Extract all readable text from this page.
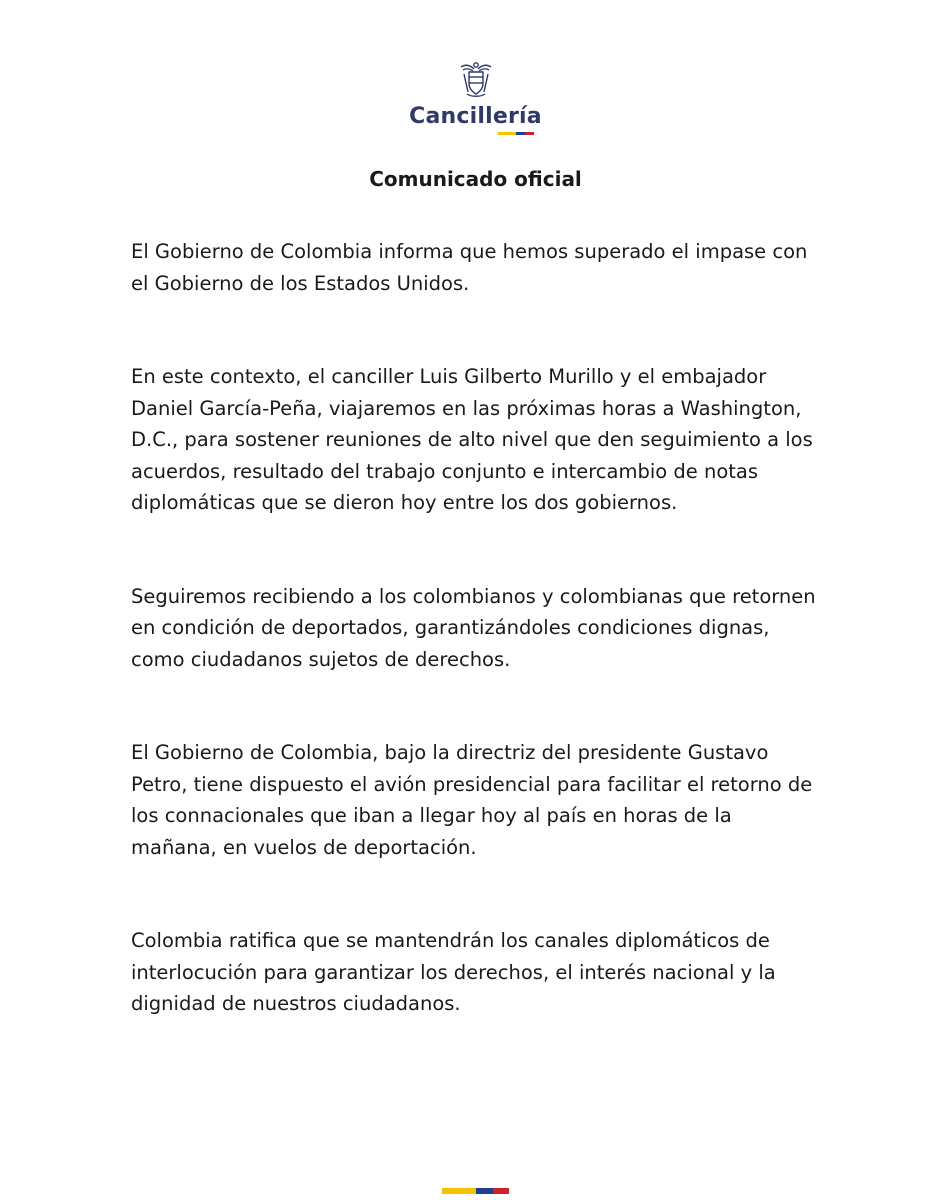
Cancillería
Comunicado oficial

El Gobierno de Colombia informa que hemos superado el impase con el Gobierno de los Estados Unidos.

En este contexto, el canciller Luis Gilberto Murillo y el embajador Daniel García-Peña, viajaremos en las próximas horas a Washington, D.C., para sostener reuniones de alto nivel que den seguimiento a los acuerdos, resultado del trabajo conjunto e intercambio de notas diplomáticas que se dieron hoy entre los dos gobiernos.

Seguiremos recibiendo a los colombianos y colombianas que retornen en condición de deportados, garantizándoles condiciones dignas, como ciudadanos sujetos de derechos.

El Gobierno de Colombia, bajo la directriz del presidente Gustavo Petro, tiene dispuesto el avión presidencial para facilitar el retorno de los connacionales que iban a llegar hoy al país en horas de la mañana, en vuelos de deportación.

Colombia ratifica que se mantendrán los canales diplomáticos de interlocución para garantizar los derechos, el interés nacional y la dignidad de nuestros ciudadanos.
